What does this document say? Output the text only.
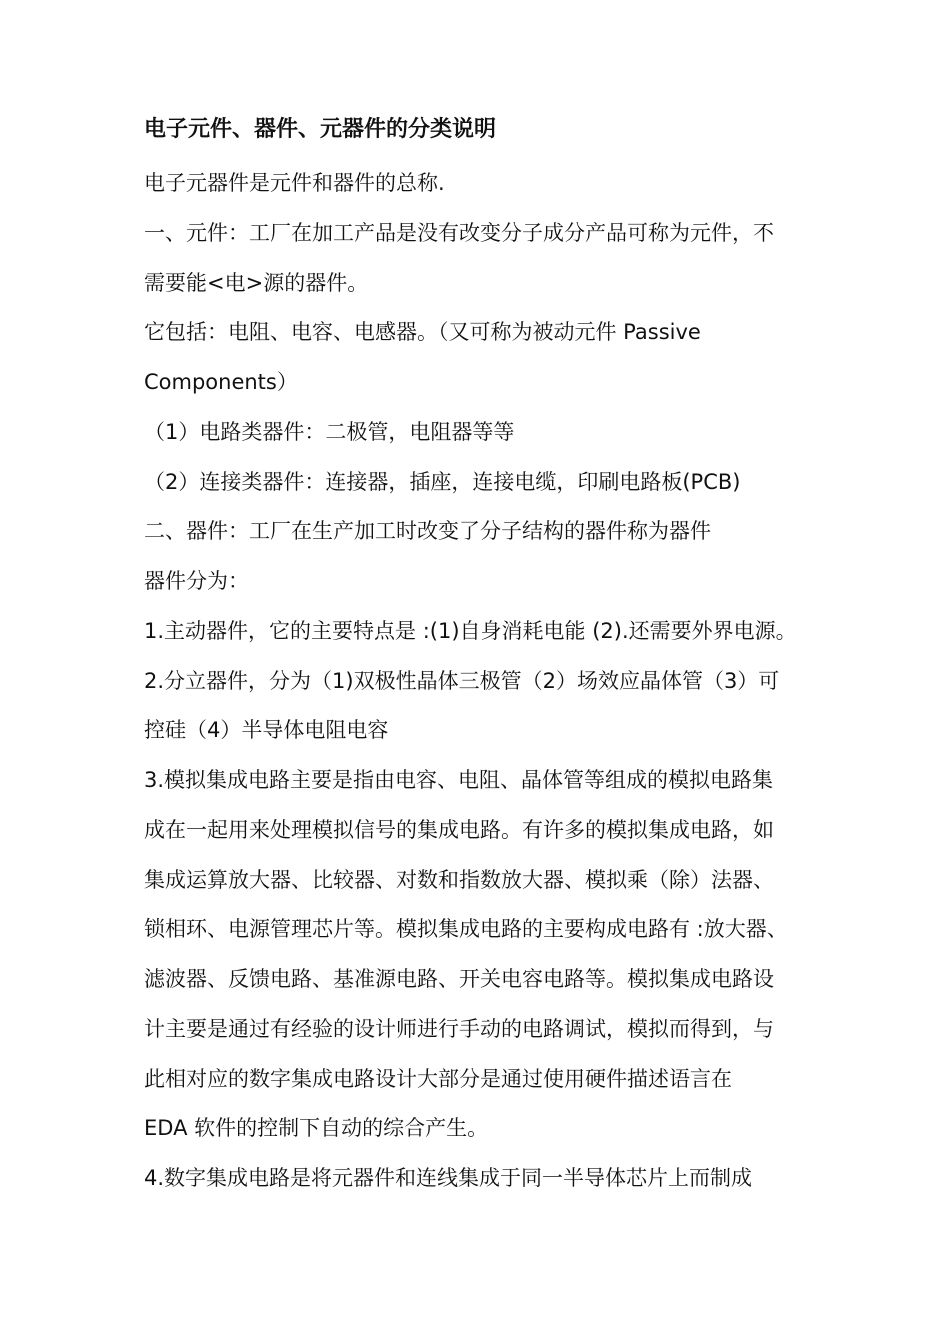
电子元件、器件、元器件的分类说明
电子元器件是元件和器件的总称.
一、元件：工厂在加工产品是没有改变分子成分产品可称为元件，不
需要能<电>源的器件。
它包括：电阻、电容、电感器。（又可称为被动元件 Passive
Components）
（1）电路类器件：二极管，电阻器等等
（2）连接类器件：连接器，插座，连接电缆，印刷电路板(PCB)
二、器件：工厂在生产加工时改变了分子结构的器件称为器件
器件分为：
1.主动器件，它的主要特点是 :(1)自身消耗电能 (2).还需要外界电源。
2.分立器件，分为（1)双极性晶体三极管（2）场效应晶体管（3）可
控硅（4）半导体电阻电容
3.模拟集成电路主要是指由电容、电阻、晶体管等组成的模拟电路集
成在一起用来处理模拟信号的集成电路。有许多的模拟集成电路，如
集成运算放大器、比较器、对数和指数放大器、模拟乘（除）法器、
锁相环、电源管理芯片等。模拟集成电路的主要构成电路有 :放大器、
滤波器、反馈电路、基准源电路、开关电容电路等。模拟集成电路设
计主要是通过有经验的设计师进行手动的电路调试，模拟而得到，与
此相对应的数字集成电路设计大部分是通过使用硬件描述语言在
EDA 软件的控制下自动的综合产生。
4.数字集成电路是将元器件和连线集成于同一半导体芯片上而制成
